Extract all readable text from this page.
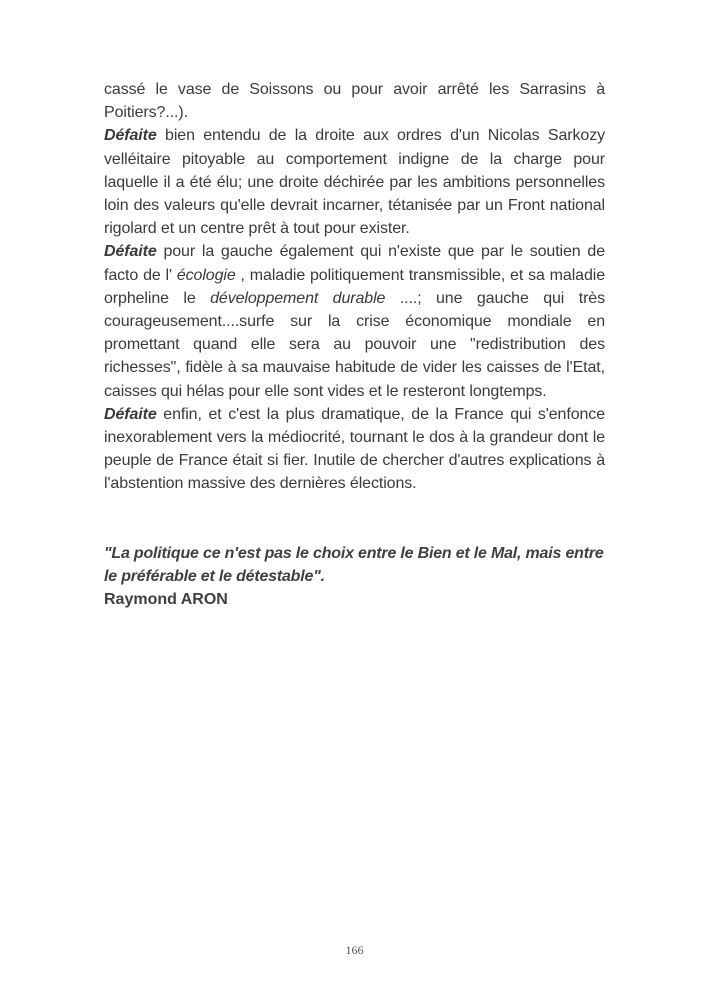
cassé le vase de Soissons ou pour avoir arrêté les Sarrasins à Poitiers?...).

Défaite bien entendu de la droite aux ordres d'un Nicolas Sarkozy velléitaire pitoyable au comportement indigne de la charge pour laquelle il a été élu; une droite déchirée par les ambitions personnelles loin des valeurs qu'elle devrait incarner, tétanisée par un Front national rigolard et un centre prêt à tout pour exister.

Défaite pour la gauche également qui n'existe que par le soutien de facto de l' écologie , maladie politiquement transmissible, et sa maladie orpheline le développement durable ....; une gauche qui très courageusement....surfe sur la crise économique mondiale en promettant quand elle sera au pouvoir une "redistribution des richesses", fidèle à sa mauvaise habitude de vider les caisses de l'Etat, caisses qui hélas pour elle sont vides et le resteront longtemps.

Défaite enfin, et c'est la plus dramatique, de la France qui s'enfonce inexorablement vers la médiocrité, tournant le dos à la grandeur dont le peuple de France était si fier. Inutile de chercher d'autres explications à l'abstention massive des dernières élections.

"La politique ce n'est pas le choix entre le Bien et le Mal, mais entre le préférable et le détestable".

Raymond ARON

166
